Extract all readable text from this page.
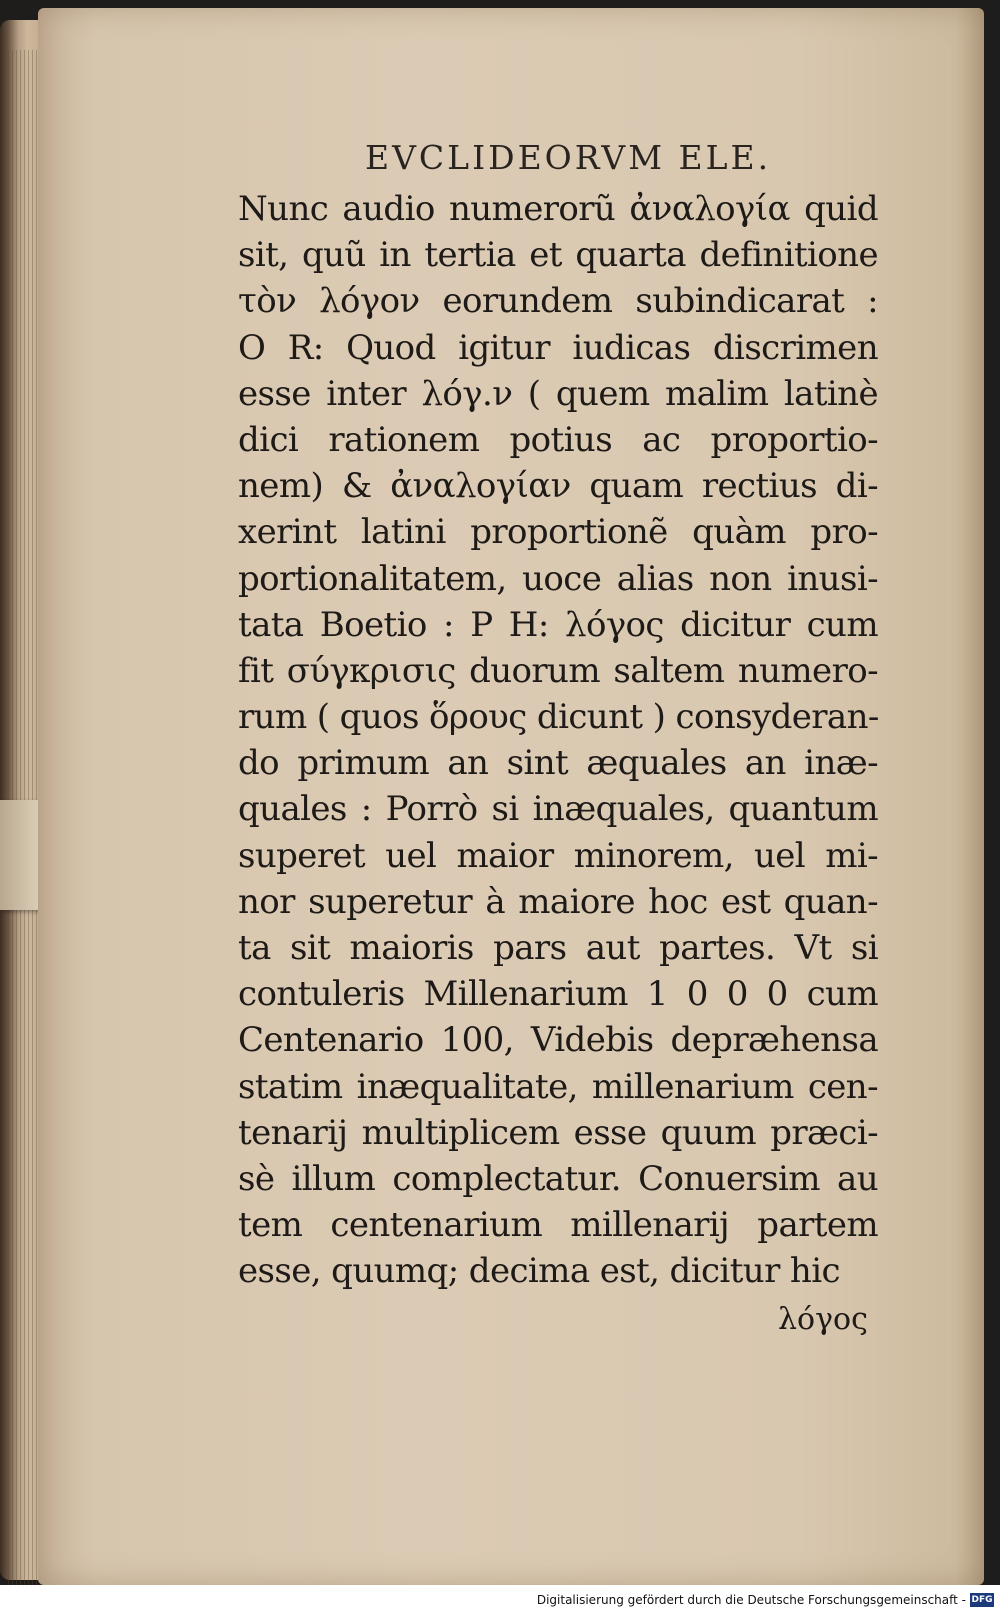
EVCLIDEORVM ELE.
Nunc audio numerorũ ἀναλογία quid
sit, quũ in tertia et quarta definitione
τὸν λόγον eorundem subindicarat :
O R: Quod igitur iudicas discrimen
esse inter λόγ.ν ( quem malim latinè
dici rationem potius ac proportio-
nem) & ἀναλογίαν quam rectius di-
xerint latini proportionẽ quàm pro-
portionalitatem, uoce alias non inusi-
tata Boetio : P H: λόγος dicitur cum
fit σύγκρισις duorum saltem numero-
rum ( quos ὅρους dicunt ) consyderan-
do primum an sint æquales an inæ-
quales : Porrò si inæquales, quantum
superet uel maior minorem, uel mi-
nor superetur à maiore hoc est quan-
ta sit maioris pars aut partes. Vt si
contuleris Millenarium 1 0 0 0 cum
Centenario 100, Videbis depræhensa
statim inæqualitate, millenarium cen-
tenarij multiplicem esse quum præci-
sè illum complectatur. Conuersim au
tem centenarium millenarij partem
esse, quumq; decima est, dicitur hic
λόγος
Digitalisierung gefördert durch die Deutsche Forschungsgemeinschaft - DFG
